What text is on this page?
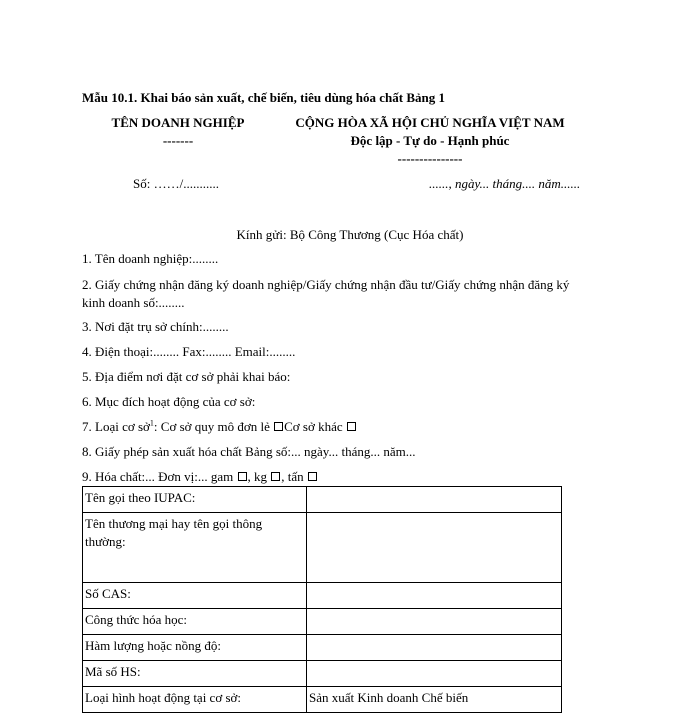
Mẫu 10.1. Khai báo sản xuất, chế biến, tiêu dùng hóa chất Bảng 1
TÊN DOANH NGHIỆP
-------
CỘNG HÒA XÃ HỘI CHỦ NGHĨA VIỆT NAM
Độc lập - Tự do - Hạnh phúc
---------------
Số: ……/...........	......, ngày... tháng.... năm......
Kính gửi: Bộ Công Thương (Cục Hóa chất)
1. Tên doanh nghiệp:........
2. Giấy chứng nhận đăng ký doanh nghiệp/Giấy chứng nhận đầu tư/Giấy chứng nhận đăng ký
kinh doanh số:........
3. Nơi đặt trụ sở chính:........
4. Điện thoại:........ Fax:........ Email:........
5. Địa điểm nơi đặt cơ sở phải khai báo:
6. Mục đích hoạt động của cơ sở:
7. Loại cơ sở$^1$: Cơ sở quy mô đơn lẻ Cơ sở khác
8. Giấy phép sản xuất hóa chất Bảng số:... ngày... tháng... năm...
9. Hóa chất:... Đơn vị:... gam , kg , tấn
Tên gọi theo IUPAC:	
Tên thương mại hay tên gọi thông thường:	
Số CAS:	
Công thức hóa học:	
Hàm lượng hoặc nồng độ:	
Mã số HS:	
Loại hình hoạt động tại cơ sở:	Sản xuất Kinh doanh Chế biến
